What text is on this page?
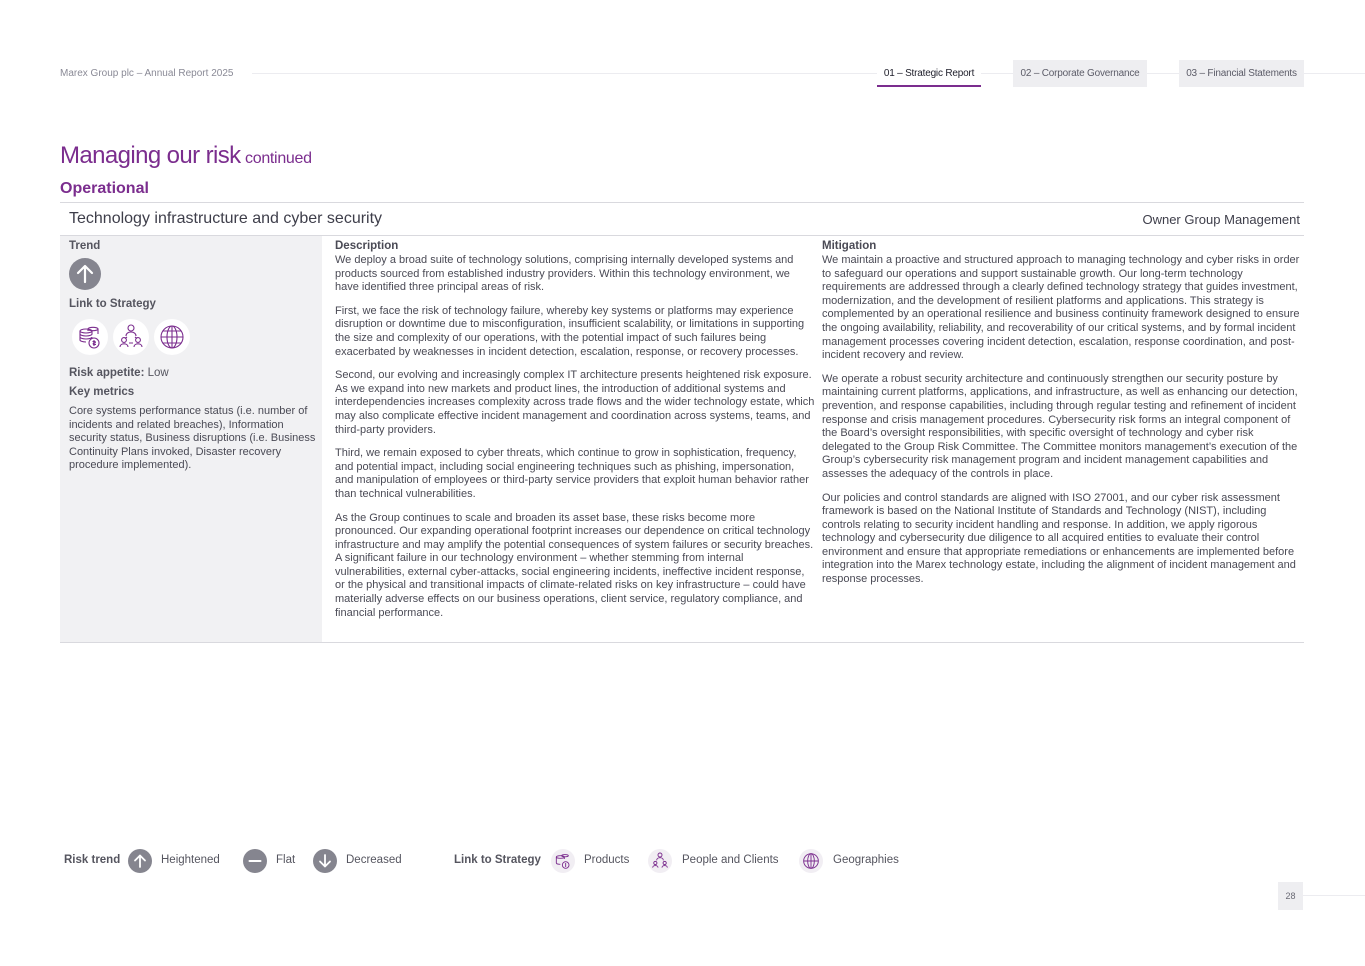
Marex Group plc – Annual Report 2025	01 – Strategic Report	02 – Corporate Governance	03 – Financial Statements
Managing our risk continued
Operational
Technology infrastructure and cyber security	Owner Group Management
Trend
Link to Strategy
Risk appetite: Low
Key metrics
Core systems performance status (i.e. number of incidents and related breaches), Information security status, Business disruptions (i.e. Business Continuity Plans invoked, Disaster recovery procedure implemented).
Description

We deploy a broad suite of technology solutions, comprising internally developed systems and products sourced from established industry providers. Within this technology environment, we have identified three principal areas of risk.

First, we face the risk of technology failure, whereby key systems or platforms may experience disruption or downtime due to misconfiguration, insufficient scalability, or limitations in supporting the size and complexity of our operations, with the potential impact of such failures being exacerbated by weaknesses in incident detection, escalation, response, or recovery processes.

Second, our evolving and increasingly complex IT architecture presents heightened risk exposure. As we expand into new markets and product lines, the introduction of additional systems and interdependencies increases complexity across trade flows and the wider technology estate, which may also complicate effective incident management and coordination across systems, teams, and third-party providers.

Third, we remain exposed to cyber threats, which continue to grow in sophistication, frequency, and potential impact, including social engineering techniques such as phishing, impersonation, and manipulation of employees or third-party service providers that exploit human behavior rather than technical vulnerabilities.

As the Group continues to scale and broaden its asset base, these risks become more pronounced. Our expanding operational footprint increases our dependence on critical technology infrastructure and may amplify the potential consequences of system failures or security breaches. A significant failure in our technology environment – whether stemming from internal vulnerabilities, external cyber-attacks, social engineering incidents, ineffective incident response, or the physical and transitional impacts of climate-related risks on key infrastructure – could have materially adverse effects on our business operations, client service, regulatory compliance, and financial performance.

Mitigation

We maintain a proactive and structured approach to managing technology and cyber risks in order to safeguard our operations and support sustainable growth. Our long-term technology requirements are addressed through a clearly defined technology strategy that guides investment, modernization, and the development of resilient platforms and applications. This strategy is complemented by an operational resilience and business continuity framework designed to ensure the ongoing availability, reliability, and recoverability of our critical systems, and by formal incident management processes covering incident detection, escalation, response coordination, and post-incident recovery and review.

We operate a robust security architecture and continuously strengthen our security posture by maintaining current platforms, applications, and infrastructure, as well as enhancing our detection, prevention, and response capabilities, including through regular testing and refinement of incident response and crisis management procedures. Cybersecurity risk forms an integral component of the Board’s oversight responsibilities, with specific oversight of technology and cyber risk delegated to the Group Risk Committee. The Committee monitors management’s execution of the Group’s cybersecurity risk management program and incident management capabilities and assesses the adequacy of the controls in place.

Our policies and control standards are aligned with ISO 27001, and our cyber risk assessment framework is based on the National Institute of Standards and Technology (NIST), including controls relating to security incident handling and response. In addition, we apply rigorous technology and cybersecurity due diligence to all acquired entities to evaluate their control environment and ensure that appropriate remediations or enhancements are implemented before integration into the Marex technology estate, including the alignment of incident management and response processes.

Risk trend	Heightened	Flat	Decreased	Link to Strategy	Products	People and Clients	Geographies
28
